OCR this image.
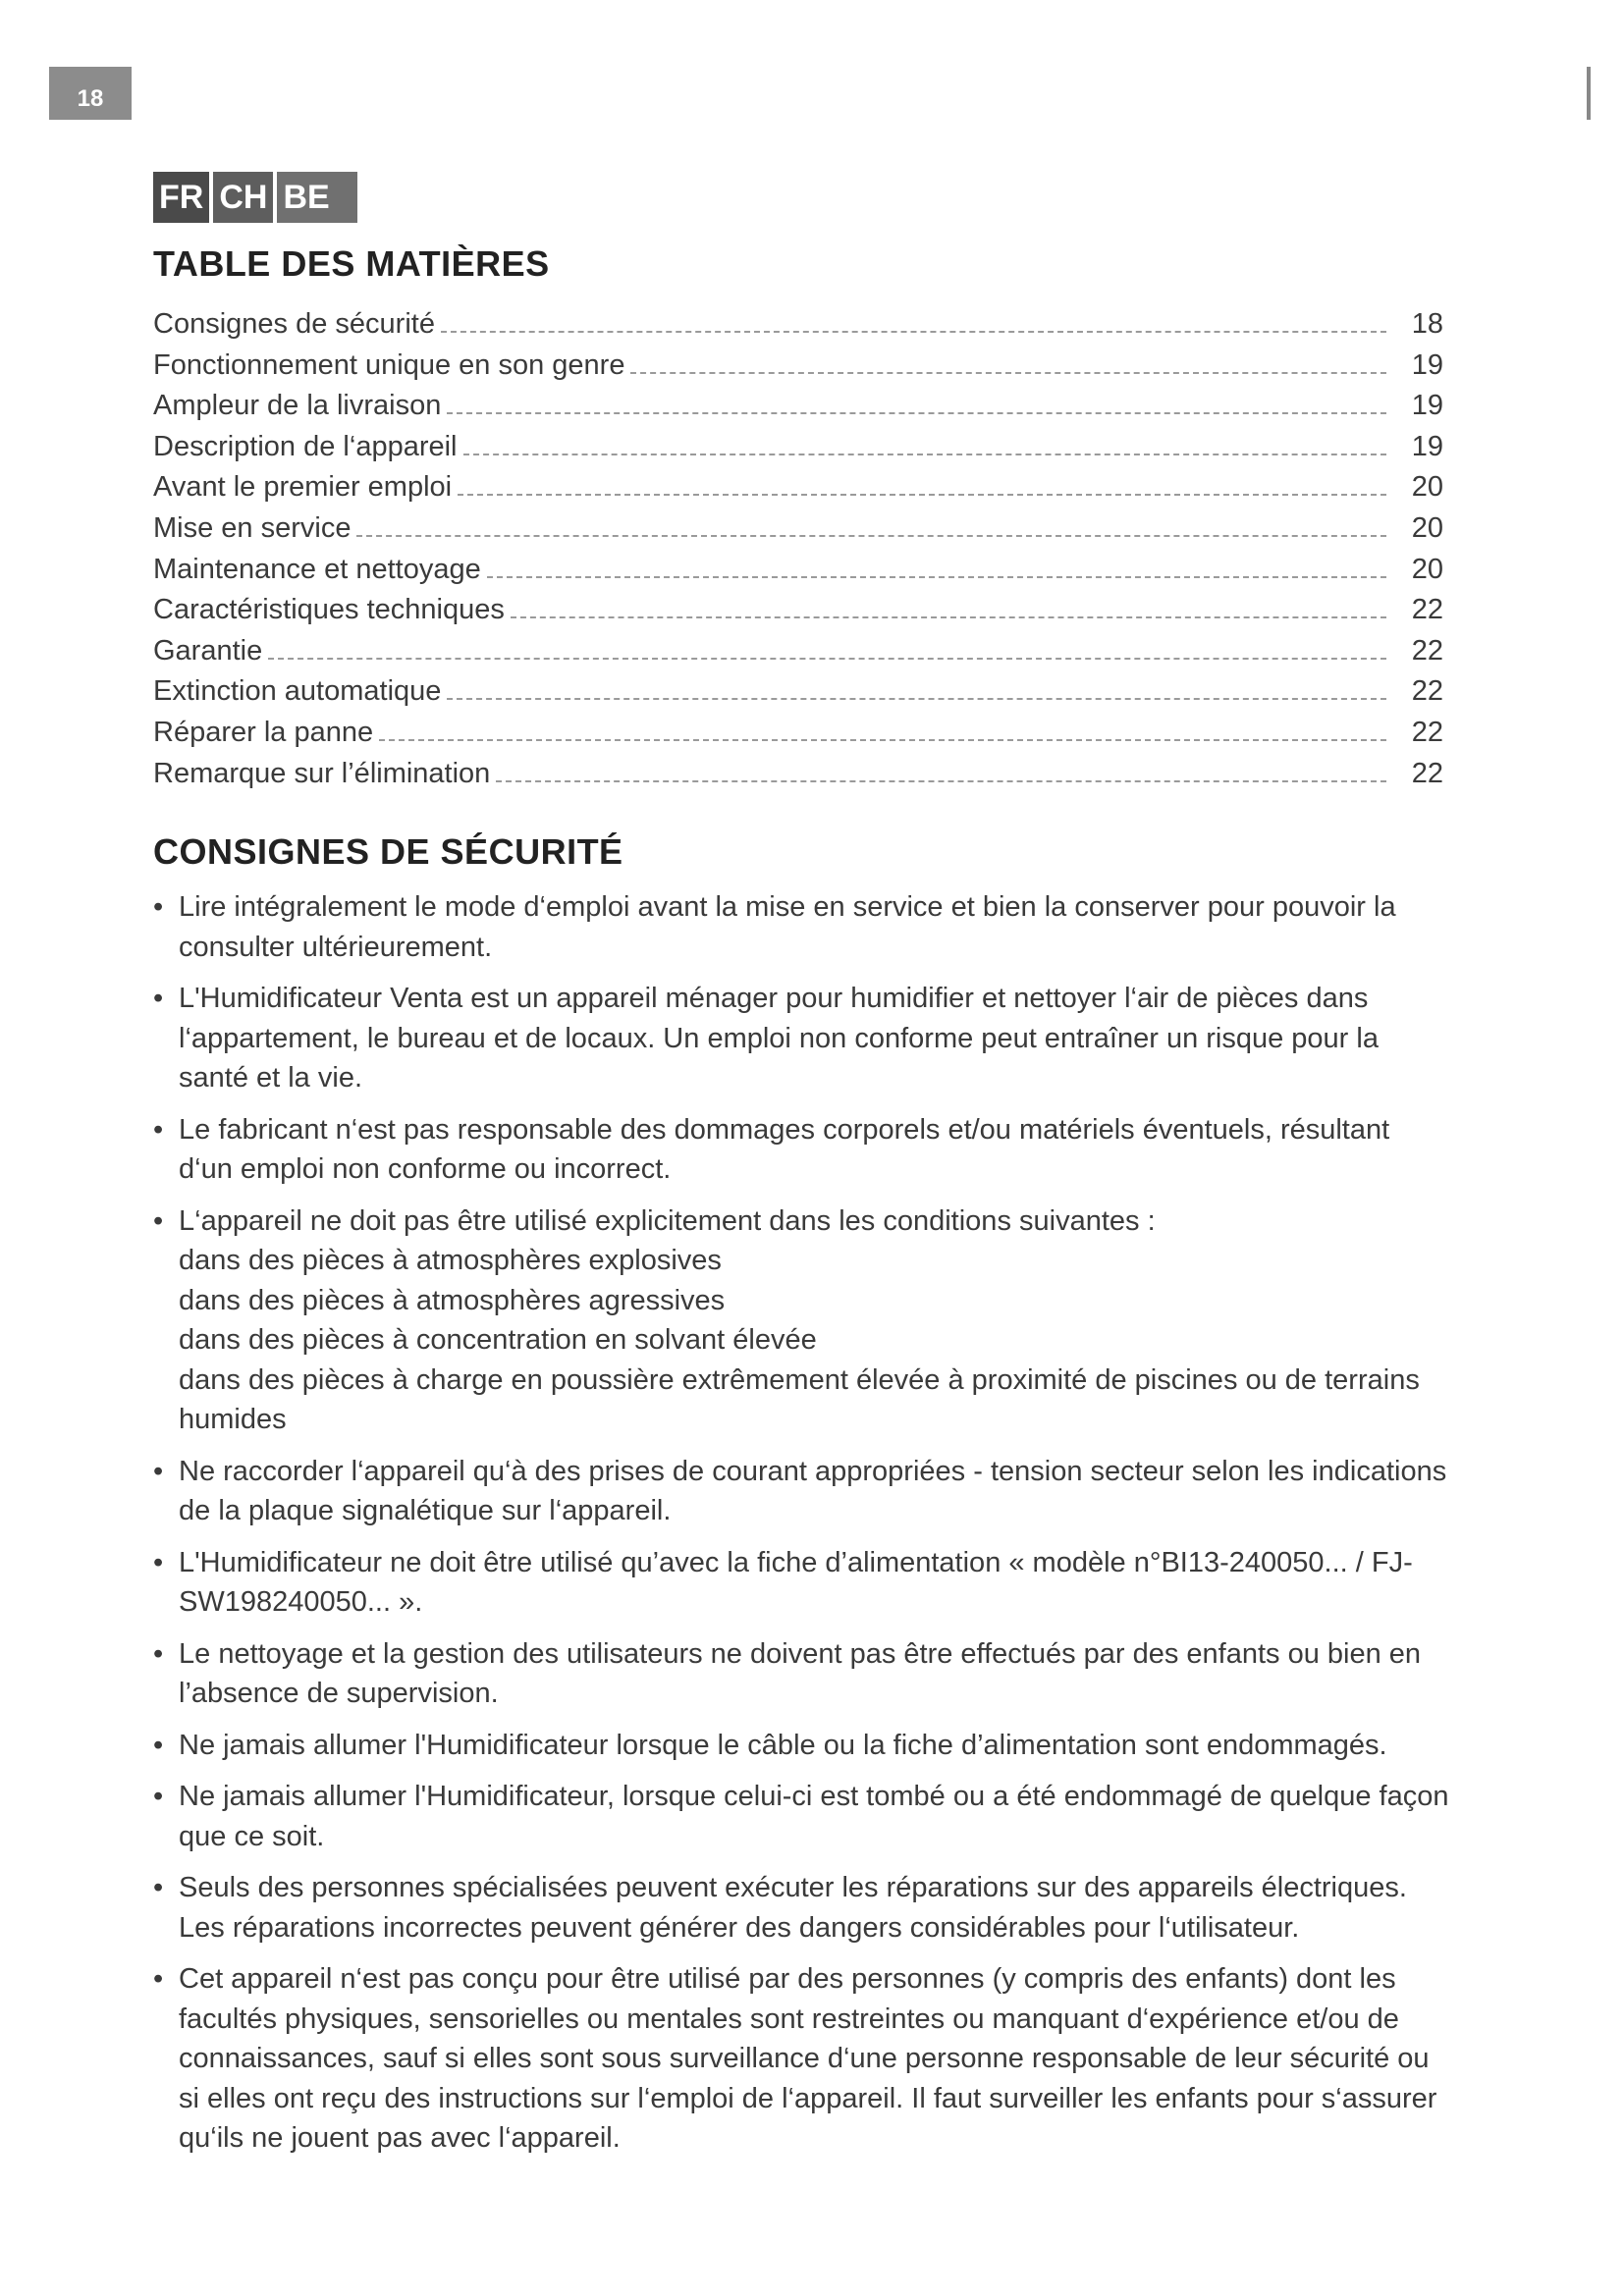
18
FR CH BE
TABLE DES MATIÈRES
Consignes de sécurité	18
Fonctionnement unique en son genre	19
Ampleur de la livraison	19
Description de l‘appareil	19
Avant le premier emploi	20
Mise en service	20
Maintenance et nettoyage	20
Caractéristiques techniques	22
Garantie	22
Extinction automatique	22
Réparer la panne	22
Remarque sur l’élimination	22
CONSIGNES DE SÉCURITÉ
• Lire intégralement le mode d‘emploi avant la mise en service et bien la conserver pour pouvoir la consulter ultérieurement.
• L'Humidificateur Venta est un appareil ménager pour humidifier et nettoyer l‘air de pièces dans l‘appartement, le bureau et de locaux. Un emploi non conforme peut entraîner un risque pour la santé et la vie.
• Le fabricant n‘est pas responsable des dommages corporels et/ou matériels éventuels, résultant d‘un emploi non conforme ou incorrect.
• L‘appareil ne doit pas être utilisé explicitement dans les conditions suivantes :
dans des pièces à atmosphères explosives
dans des pièces à atmosphères agressives
dans des pièces à concentration en solvant élevée
dans des pièces à charge en poussière extrêmement élevée à proximité de piscines ou de terrains humides
• Ne raccorder l‘appareil qu‘à des prises de courant appropriées - tension secteur selon les indications de la plaque signalétique sur l‘appareil.
• L'Humidificateur ne doit être utilisé qu’avec la fiche d’alimentation « modèle n°BI13-240050... / FJ-SW198240050... ».
• Le nettoyage et la gestion des utilisateurs ne doivent pas être effectués par des enfants ou bien en l’absence de supervision.
• Ne jamais allumer l'Humidificateur lorsque le câble ou la fiche d’alimentation sont endommagés.
• Ne jamais allumer l'Humidificateur, lorsque celui-ci est tombé ou a été endommagé de quelque façon que ce soit.
• Seuls des personnes spécialisées peuvent exécuter les réparations sur des appareils électriques. Les réparations incorrectes peuvent générer des dangers considérables pour l‘utilisateur.
• Cet appareil n‘est pas conçu pour être utilisé par des personnes (y compris des enfants) dont les facultés physiques, sensorielles ou mentales sont restreintes ou manquant d‘expérience et/ou de connaissances, sauf si elles sont sous surveillance d‘une personne responsable de leur sécurité ou si elles ont reçu des instructions sur l‘emploi de l‘appareil. Il faut surveiller les enfants pour s‘assurer qu‘ils ne jouent pas avec l‘appareil.
